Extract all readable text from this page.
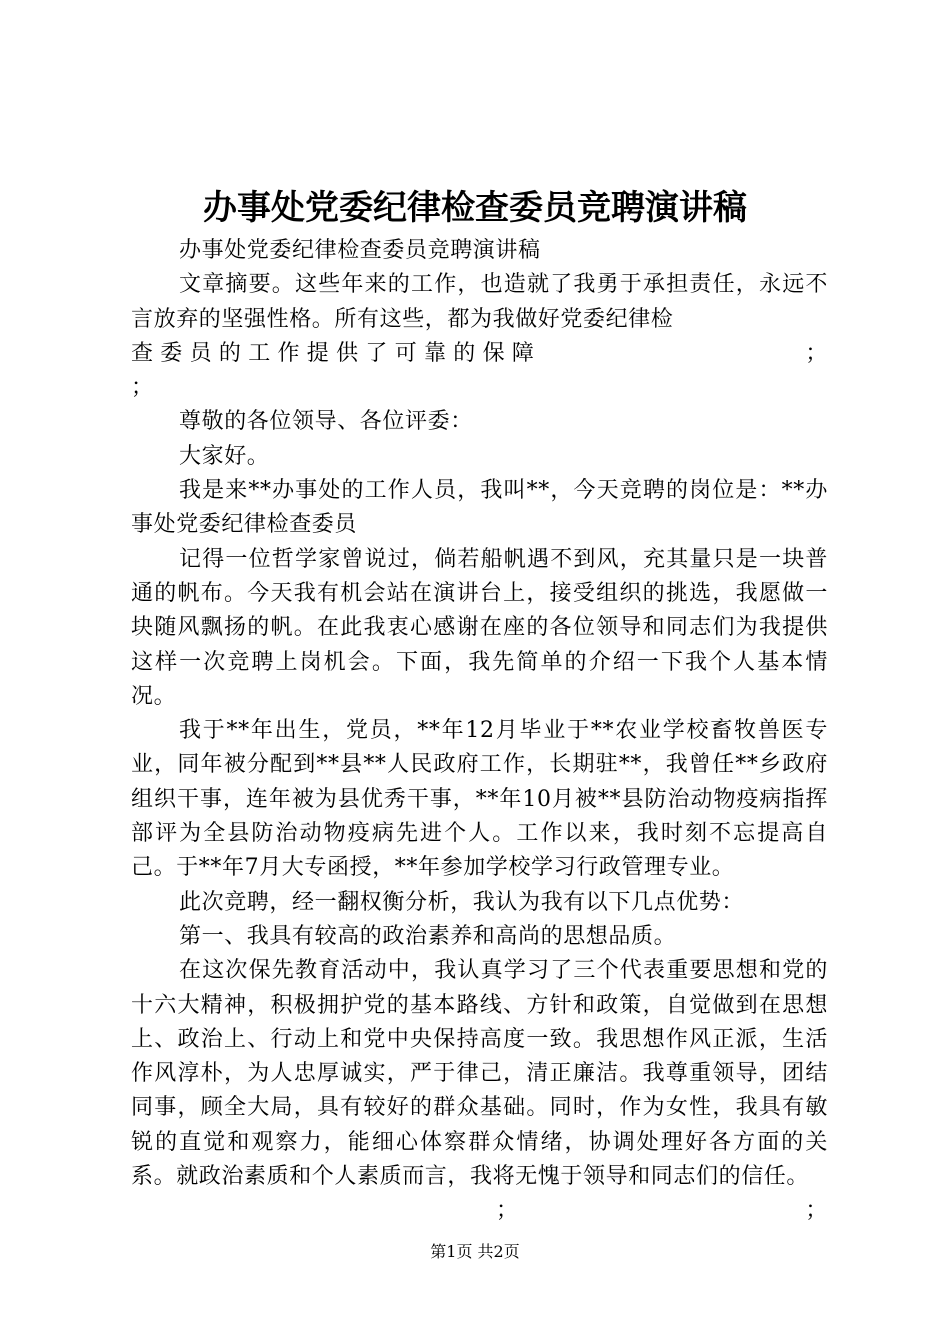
办事处党委纪律检查委员竞聘演讲稿

办事处党委纪律检查委员竞聘演讲稿

文章摘要。这些年来的工作，也造就了我勇于承担责任，永远不言放弃的坚强性格。所有这些，都为我做好党委纪律检

查委员的工作提供了可靠的保障	；

；

尊敬的各位领导、各位评委：

大家好。

我是来**办事处的工作人员，我叫**，今天竞聘的岗位是：**办事处党委纪律检查委员

记得一位哲学家曾说过，倘若船帆遇不到风，充其量只是一块普通的帆布。今天我有机会站在演讲台上，接受组织的挑选，我愿做一块随风飘扬的帆。在此我衷心感谢在座的各位领导和同志们为我提供这样一次竞聘上岗机会。下面，我先简单的介绍一下我个人基本情况。

我于**年出生，党员，**年12月毕业于**农业学校畜牧兽医专业，同年被分配到**县**人民政府工作，长期驻**，我曾任**乡政府组织干事，连年被为县优秀干事，**年10月被**县防治动物疫病指挥部评为全县防治动物疫病先进个人。工作以来，我时刻不忘提高自己。于**年7月大专函授，**年参加学校学习行政管理专业。

此次竞聘，经一翻权衡分析，我认为我有以下几点优势：

第一、我具有较高的政治素养和高尚的思想品质。

在这次保先教育活动中，我认真学习了三个代表重要思想和党的十六大精神，积极拥护党的基本路线、方针和政策，自觉做到在思想上、政治上、行动上和党中央保持高度一致。我思想作风正派，生活作风淳朴，为人忠厚诚实，严于律己，清正廉洁。我尊重领导，团结同事，顾全大局，具有较好的群众基础。同时，作为女性，我具有敏锐的直觉和观察力，能细心体察群众情绪，协调处理好各方面的关系。就政治素质和个人素质而言，我将无愧于领导和同志们的信任。

；	；
第1页 共2页
